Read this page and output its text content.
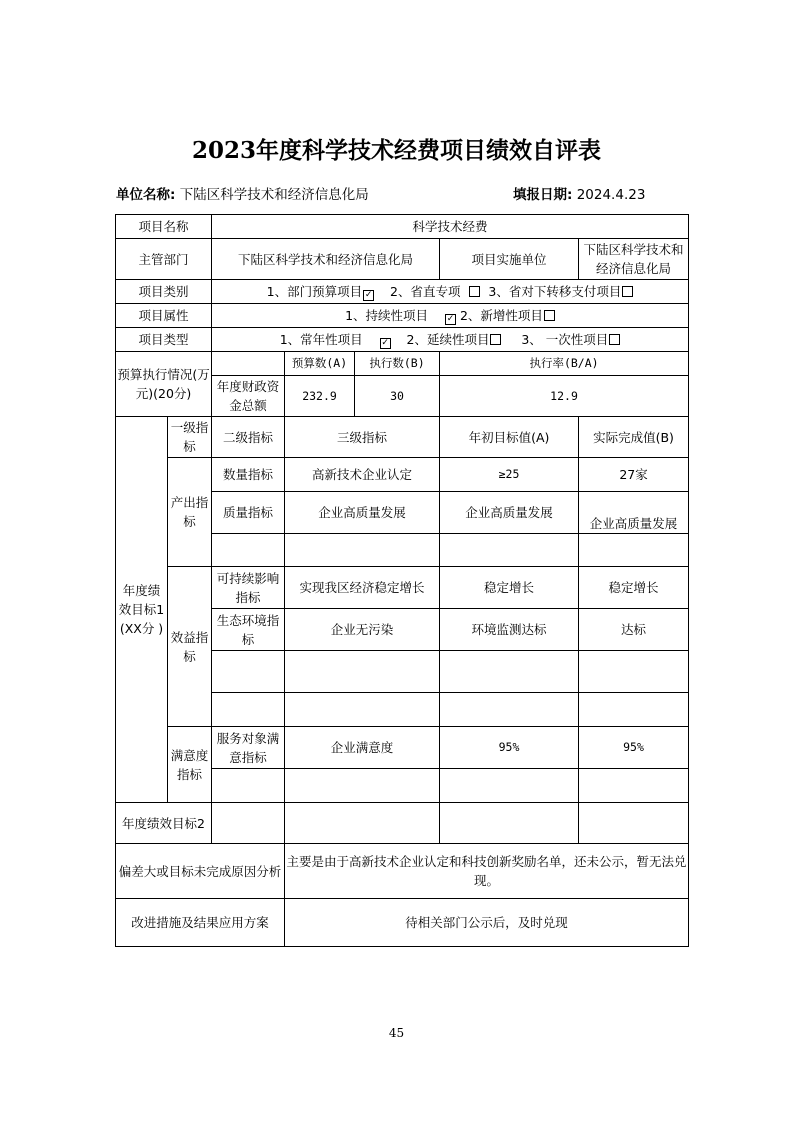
2023年度科学技术经费项目绩效自评表
单位名称: 下陆区科学技术和经济信息化局	填报日期: 2024.4.23
项目名称		科学技术经费				
主管部门		下陆区科学技术和经济信息化局			项目实施单位	下陆区科学技术和经济信息化局
项目类别		1、部门预算项目 ✓ 2、省直专项 3、省对下转移支付项目				
项目属性		1、持续性项目 ✓ 2、新增性项目				
项目类型		1、常年性项目 ✓ 2、延续性项目 3、 一次性项目				
预算执行情况(万元)(20分)			预算数(A)	执行数(B)	执行率(B/A)	
		年度财政资金总额	232.9	30	12.9	
年度绩效目标1(XX分 )	一级指标	二级指标	三级指标		年初目标值(A)	实际完成值(B)
	产出指标	数量指标	高新技术企业认定		≥25	27家
		质量指标	企业高质量发展		企业高质量发展	企业高质量发展

	效益指标	可持续影响指标	实现我区经济稳定增长		稳定增长	稳定增长
		生态环境指标	企业无污染		环境监测达标	达标

	满意度指标	服务对象满意指标	企业满意度		95%	95%

年度绩效目标2						
偏差大或目标未完成原因分析			主要是由于高新技术企业认定和科技创新奖励名单，还未公示，暂无法兑现。			
改进措施及结果应用方案			待相关部门公示后，及时兑现			
45
